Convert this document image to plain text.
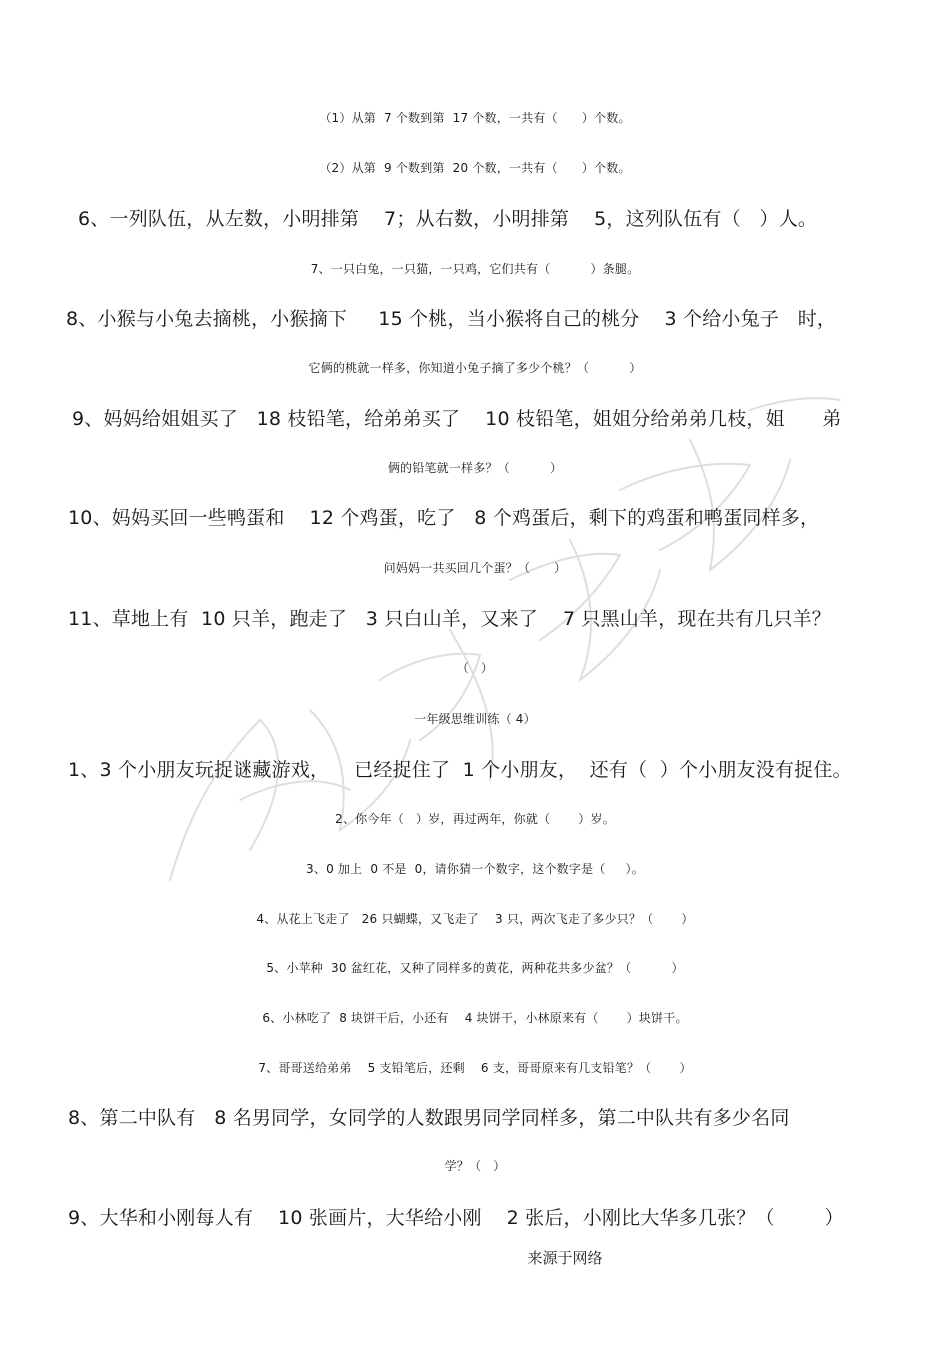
（1）从第  7 个数到第  17 个数，一共有（      ）个数。
（2）从第  9 个数到第  20 个数，一共有（      ）个数。
6、一列队伍，从左数，小明排第    7；从右数，小明排第    5，这列队伍有（   ）人。
7、一只白兔，一只猫，一只鸡，它们共有（          ）条腿。
8、小猴与小兔去摘桃，小猴摘下     15 个桃，当小猴将自己的桃分    3 个给小兔子   时，
它俩的桃就一样多，你知道小兔子摘了多少个桃？（          ）
9、妈妈给姐姐买了   18 枝铅笔，给弟弟买了    10 枝铅笔，姐姐分给弟弟几枝，姐      弟
俩的铅笔就一样多？（          ）
10、妈妈买回一些鸭蛋和    12 个鸡蛋，吃了   8 个鸡蛋后，剩下的鸡蛋和鸭蛋同样多，
问妈妈一共买回几个蛋？（      ）
11、草地上有  10 只羊，跑走了   3 只白山羊，又来了    7 只黑山羊，现在共有几只羊？
（   ）
一年级思维训练（ 4）
1、3 个小朋友玩捉谜藏游戏，    已经捉住了  1 个小朋友，  还有（  ）个小朋友没有捉住。
2、你今年（   ）岁，再过两年，你就（       ）岁。
3、0 加上  0 不是  0，请你猜一个数字，这个数字是（     ）。
4、从花上飞走了   26 只蝴蝶，又飞走了    3 只，两次飞走了多少只？（       ）
5、小苹种  30 盆红花，又种了同样多的黄花，两种花共多少盆？（          ）
6、小林吃了  8 块饼干后，小还有    4 块饼干，小林原来有（       ）块饼干。
7、哥哥送给弟弟    5 支铅笔后，还剩    6 支，哥哥原来有几支铅笔？（       ）
8、第二中队有   8 名男同学，女同学的人数跟男同学同样多，第二中队共有多少名同
学？（   ）
9、大华和小刚每人有    10 张画片，大华给小刚    2 张后，小刚比大华多几张？（        ）
来源于网络
